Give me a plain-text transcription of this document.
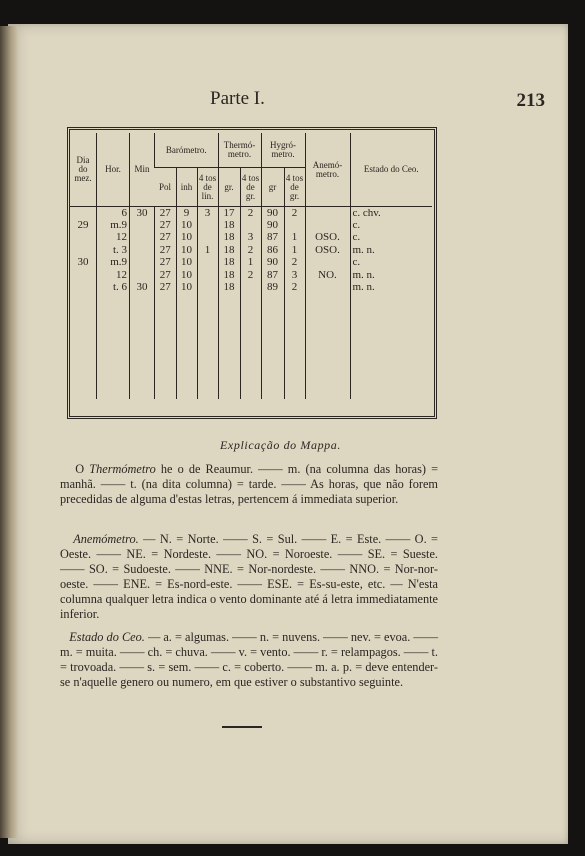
Parte I.	213
Dia do mez.	Hor.	Min	Barómetro.			Thermó-metro.		Hygró-metro.		Anemó-metro.	Estado do Ceo.
			Pol	inh	4 tos de lin.	gr.	4 tos de gr.	gr	4 tos de gr.		
	6	30	27	9	3	17	2	90	2		c. chv.
29	m.9		27	10		18		90			c.
	12		27	10		18	3	87	1	OSO.	c.
	t. 3		27	10	1	18	2	86	1	OSO.	m. n.
30	m.9		27	10		18	1	90	2		c.
	12		27	10		18	2	87	3	NO.	m. n.
	t. 6	30	27	10		18		89	2		m. n.

Explicação do Mappa.
O Thermómetro he o de Reaumur. —— m. (na columna das horas) = manhã. —— t. (na dita columna) = tarde. —— As horas, que não forem precedidas de alguma d'estas letras, pertencem á immediata superior.
Anemómetro. — N. = Norte. —— S. = Sul. —— E. = Este. —— O. = Oeste. —— NE. = Nordeste. —— NO. = Noroeste. —— SE. = Sueste. —— SO. = Sudoeste. —— NNE. = Nor-nordeste. —— NNO. = Nor-nor-oeste. —— ENE. = Es-nord-este. —— ESE. = Es-su-este, etc. — N'esta columna qualquer letra indica o vento dominante até á letra immediatamente inferior.
Estado do Ceo. — a. = algumas. —— n. = nuvens. —— nev. = evoa. —— m. = muita. —— ch. = chuva. —— v. = vento. —— r. = relampagos. —— t. = trovoada. —— s. = sem. —— c. = coberto. —— m. a. p. = deve entender-se n'aquelle genero ou numero, em que estiver o substantivo seguinte.
